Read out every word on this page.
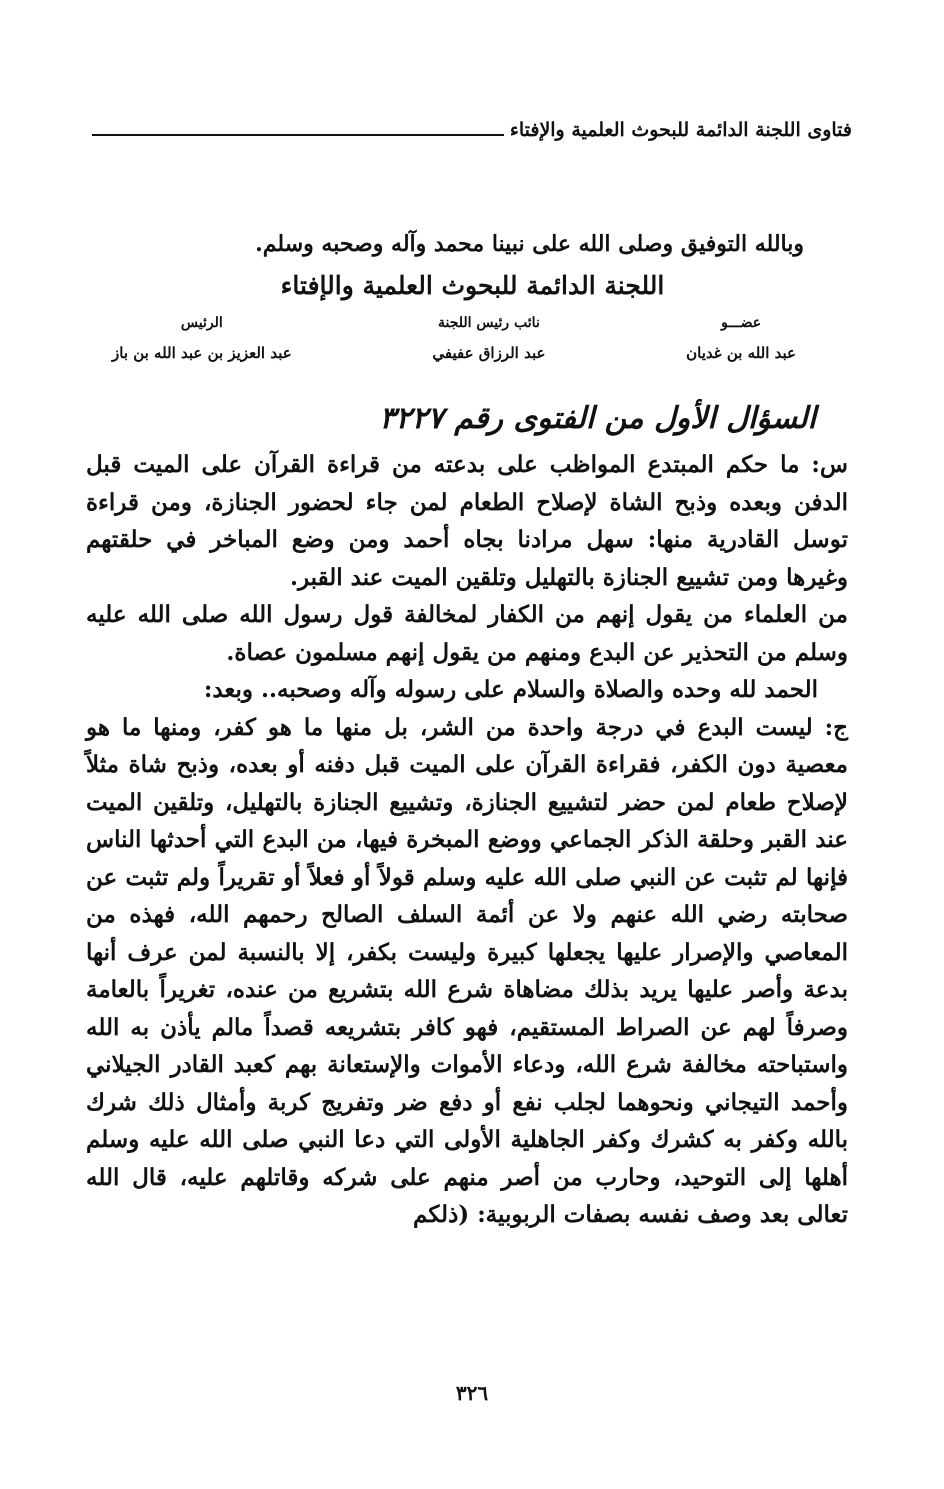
فتاوى اللجنة الدائمة للبحوث العلمية والإفتاء
وبالله التوفيق وصلى الله على نبينا محمد وآله وصحبه وسلم.
اللجنة الدائمة للبحوث العلمية والإفتاء
عضـــو
عبد الله بن غديان
نائب رئيس اللجنة
عبد الرزاق عفيفي
الرئيس
عبد العزيز بن عبد الله بن باز
السؤال الأول من الفتوى رقم ٣٢٢٧

س: ما حكم المبتدع المواظب على بدعته من قراءة القرآن على الميت قبل الدفن وبعده وذبح الشاة لإصلاح الطعام لمن جاء لحضور الجنازة، ومن قراءة توسل القادرية منها: سهل مرادنا بجاه أحمد ومن وضع المباخر في حلقتهم وغيرها ومن تشييع الجنازة بالتهليل وتلقين الميت عند القبر.

من العلماء من يقول إنهم من الكفار لمخالفة قول رسول الله صلى الله عليه وسلم من التحذير عن البدع ومنهم من يقول إنهم مسلمون عصاة.

الحمد لله وحده والصلاة والسلام على رسوله وآله وصحبه.. وبعد:

ج: ليست البدع في درجة واحدة من الشر، بل منها ما هو كفر، ومنها ما هو معصية دون الكفر، فقراءة القرآن على الميت قبل دفنه أو بعده، وذبح شاة مثلاً لإصلاح طعام لمن حضر لتشييع الجنازة، وتشييع الجنازة بالتهليل، وتلقين الميت عند القبر وحلقة الذكر الجماعي ووضع المبخرة فيها، من البدع التي أحدثها الناس فإنها لم تثبت عن النبي صلى الله عليه وسلم قولاً أو فعلاً أو تقريراً ولم تثبت عن صحابته رضي الله عنهم ولا عن أئمة السلف الصالح رحمهم الله، فهذه من المعاصي والإصرار عليها يجعلها كبيرة وليست بكفر، إلا بالنسبة لمن عرف أنها بدعة وأصر عليها يريد بذلك مضاهاة شرع الله بتشريع من عنده، تغريراً بالعامة وصرفاً لهم عن الصراط المستقيم، فهو كافر بتشريعه قصداً مالم يأذن به الله واستباحته مخالفة شرع الله، ودعاء الأموات والإستعانة بهم كعبد القادر الجيلاني وأحمد التيجاني ونحوهما لجلب نفع أو دفع ضر وتفريج كربة وأمثال ذلك شرك بالله وكفر به كشرك وكفر الجاهلية الأولى التي دعا النبي صلى الله عليه وسلم أهلها إلى التوحيد، وحارب من أصر منهم على شركه وقاتلهم عليه، قال الله تعالى بعد وصف نفسه بصفات الربوبية: (ذلكم

٣٢٦
